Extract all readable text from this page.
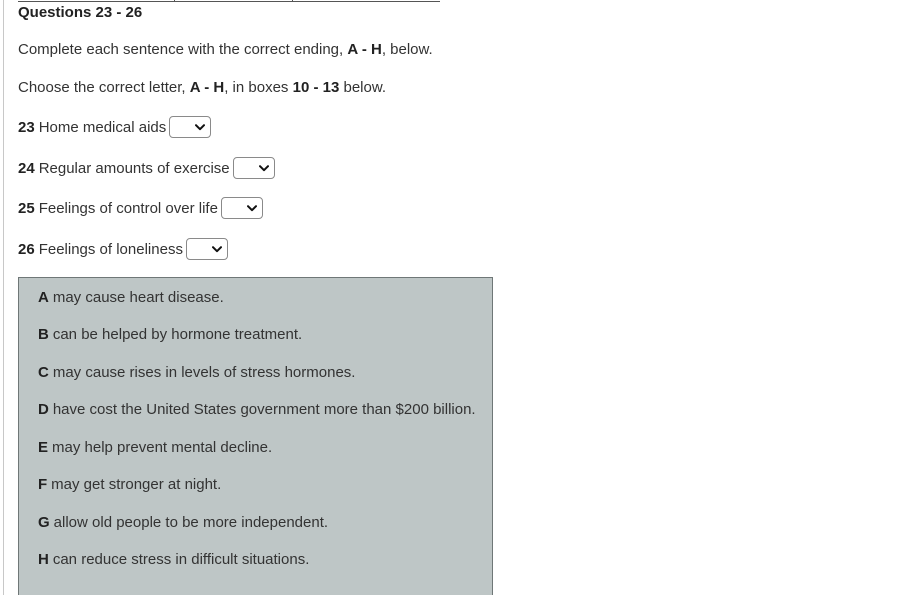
Questions 23 - 26
Complete each sentence with the correct ending, A - H, below.
Choose the correct letter, A - H, in boxes 10 - 13 below.
23 Home medical aids
24 Regular amounts of exercise
25 Feelings of control over life
26 Feelings of loneliness
A may cause heart disease.
B can be helped by hormone treatment.
C may cause rises in levels of stress hormones.
D have cost the United States government more than $200 billion.
E may help prevent mental decline.
F may get stronger at night.
G allow old people to be more independent.
H can reduce stress in difficult situations.
